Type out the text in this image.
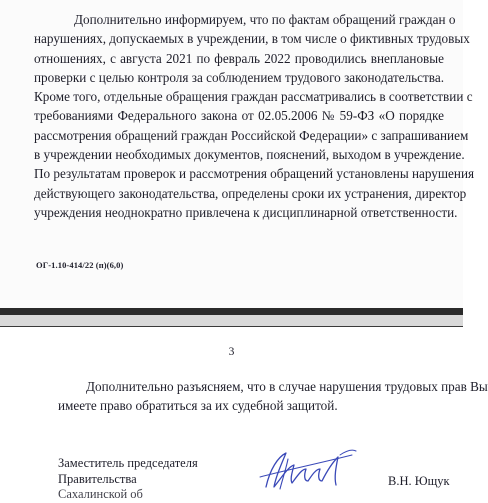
Дополнительно информируем, что по фактам обращений граждан о
нарушениях, допускаемых в учреждении, в том числе о фиктивных трудовых
отношениях, с августа 2021 по февраль 2022 проводились внеплановые
проверки с целью контроля за соблюдением трудового законодательства.
Кроме того, отдельные обращения граждан рассматривались в соответствии с
требованиями Федерального закона от 02.05.2006 № 59-ФЗ «О порядке
рассмотрения обращений граждан Российской Федерации» с запрашиванием
в учреждении необходимых документов, пояснений, выходом в учреждение.
По результатам проверок и рассмотрения обращений установлены нарушения
действующего законодательства, определены сроки их устранения, директор
учреждения неоднократно привлечена к дисциплинарной ответственности.
ОГ-1.10-414/22 (п)(6,0)
3
Дополнительно разъясняем, что в случае нарушения трудовых прав Вы
имеете право обратиться за их судебной защитой.
Заместитель председателя
Правительства
Сахалинской об
В.Н. Ющук
